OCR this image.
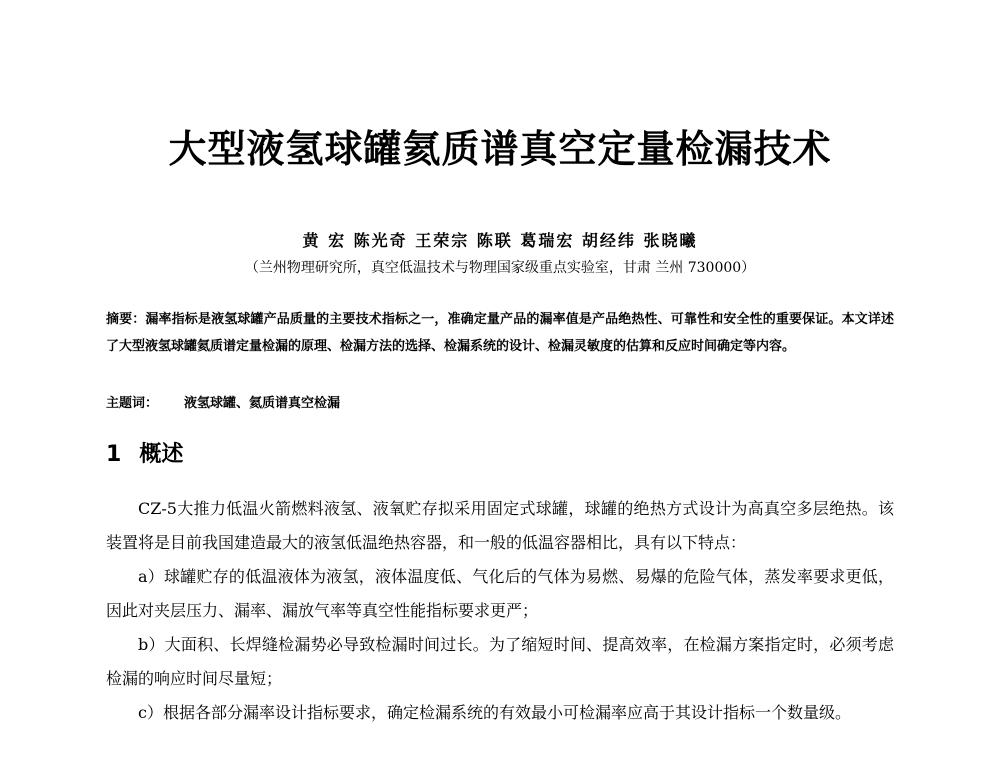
大型液氢球罐氦质谱真空定量检漏技术
黄 宏 陈光奇 王荣宗 陈联 葛瑞宏 胡经纬 张晓曦
（兰州物理研究所，真空低温技术与物理国家级重点实验室，甘肃 兰州 730000）
摘要：漏率指标是液氢球罐产品质量的主要技术指标之一，准确定量产品的漏率值是产品绝热性、可靠性和安全性的重要保证。本文详述了大型液氢球罐氦质谱定量检漏的原理、检漏方法的选择、检漏系统的设计、检漏灵敏度的估算和反应时间确定等内容。
主题词： 液氢球罐、氦质谱真空检漏
1 概述

CZ-5大推力低温火箭燃料液氢、液氧贮存拟采用固定式球罐，球罐的绝热方式设计为高真空多层绝热。该装置将是目前我国建造最大的液氢低温绝热容器，和一般的低温容器相比，具有以下特点：

a）球罐贮存的低温液体为液氢，液体温度低、气化后的气体为易燃、易爆的危险气体，蒸发率要求更低，因此对夹层压力、漏率、漏放气率等真空性能指标要求更严；

b）大面积、长焊缝检漏势必导致检漏时间过长。为了缩短时间、提高效率，在检漏方案指定时，必须考虑检漏的响应时间尽量短；

c）根据各部分漏率设计指标要求，确定检漏系统的有效最小可检漏率应高于其设计指标一个数量级。
